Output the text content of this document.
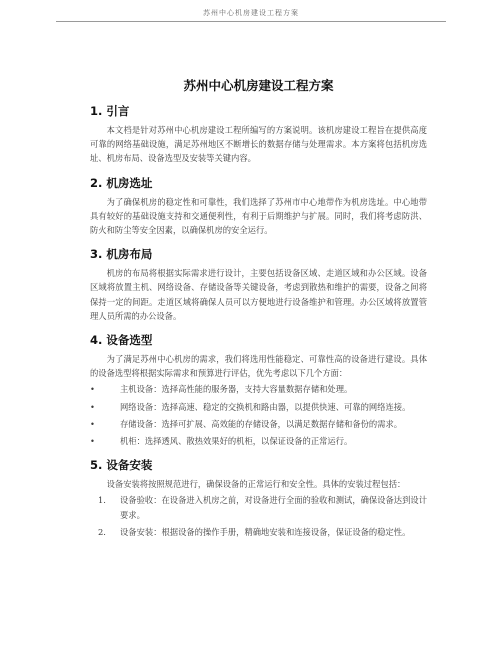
苏州中心机房建设工程方案
苏州中心机房建设工程方案
1. 引言

本文档是针对苏州中心机房建设工程所编写的方案说明。该机房建设工程旨在提供高度可靠的网络基础设施，满足苏州地区不断增长的数据存储与处理需求。本方案将包括机房选址、机房布局、设备选型及安装等关键内容。

2. 机房选址

为了确保机房的稳定性和可靠性，我们选择了苏州市中心地带作为机房选址。中心地带具有较好的基础设施支持和交通便利性，有利于后期维护与扩展。同时，我们将考虑防洪、防火和防尘等安全因素，以确保机房的安全运行。

3. 机房布局

机房的布局将根据实际需求进行设计，主要包括设备区域、走道区域和办公区域。设备区域将放置主机、网络设备、存储设备等关键设备，考虑到散热和维护的需要，设备之间将保持一定的间距。走道区域将确保人员可以方便地进行设备维护和管理。办公区域将放置管理人员所需的办公设备。

4. 设备选型

为了满足苏州中心机房的需求，我们将选用性能稳定、可靠性高的设备进行建设。具体的设备选型将根据实际需求和预算进行评估，优先考虑以下几个方面：

•	主机设备：选择高性能的服务器，支持大容量数据存储和处理。
•	网络设备：选择高速、稳定的交换机和路由器，以提供快速、可靠的网络连接。
•	存储设备：选择可扩展、高效能的存储设备，以满足数据存储和备份的需求。
•	机柜：选择透风、散热效果好的机柜，以保证设备的正常运行。
5. 设备安装

设备安装将按照规范进行，确保设备的正常运行和安全性。具体的安装过程包括：

1. 设备验收：在设备进入机房之前，对设备进行全面的验收和测试，确保设备达到设计要求。
2. 设备安装：根据设备的操作手册，精确地安装和连接设备，保证设备的稳定性。
